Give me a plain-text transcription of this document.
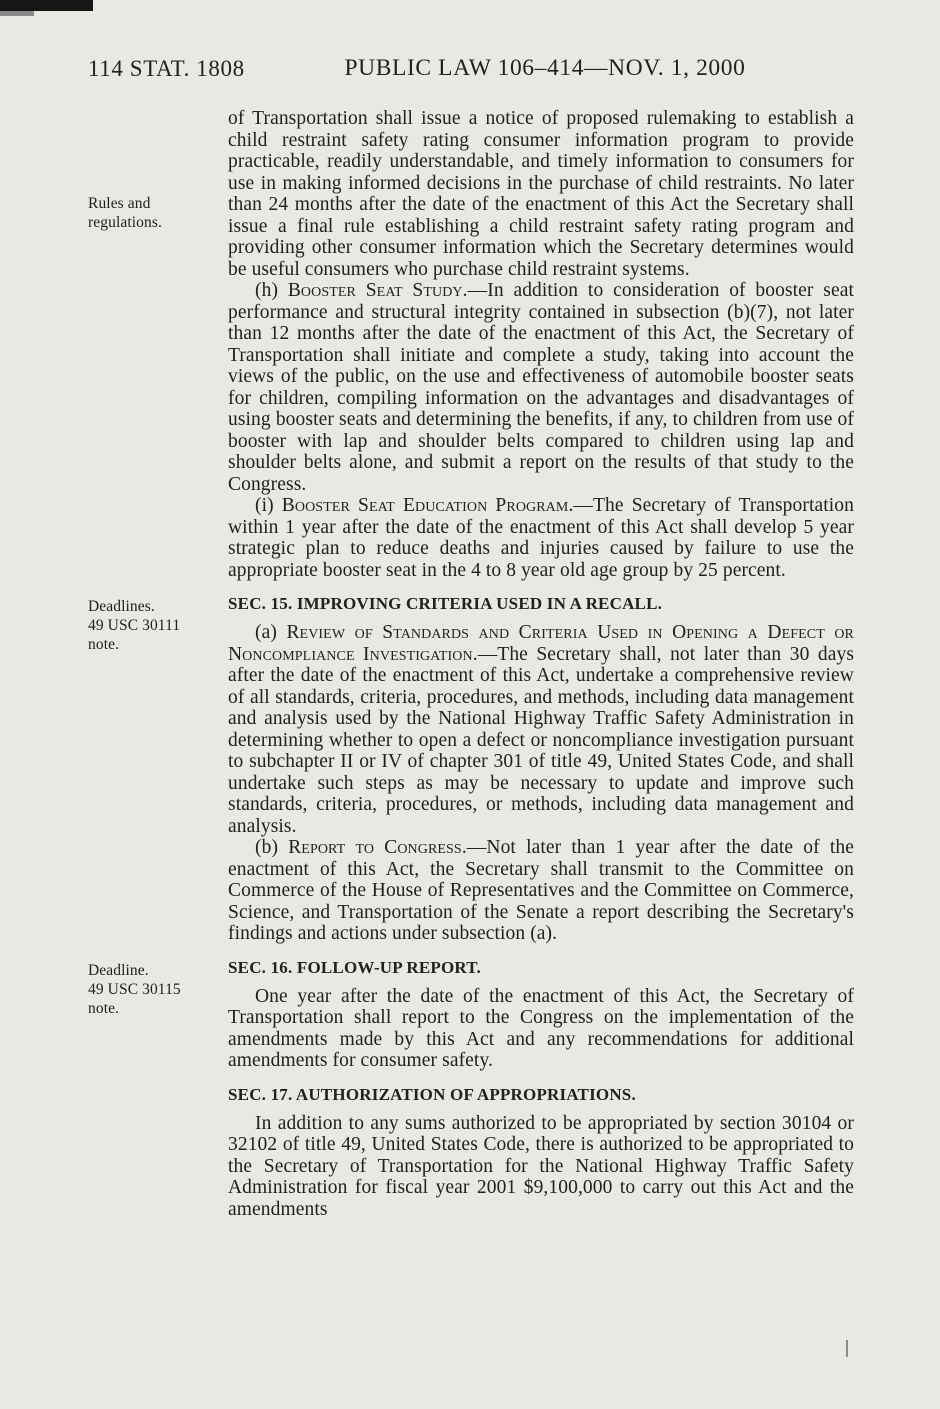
114 STAT. 1808	PUBLIC LAW 106–414—NOV. 1, 2000
Rules and
regulations.

of Transportation shall issue a notice of proposed rulemaking to establish a child restraint safety rating consumer information program to provide practicable, readily understandable, and timely information to consumers for use in making informed decisions in the purchase of child restraints. No later than 24 months after the date of the enactment of this Act the Secretary shall issue a final rule establishing a child restraint safety rating program and providing other consumer information which the Secretary determines would be useful consumers who purchase child restraint systems.

(h) Booster Seat Study.—In addition to consideration of booster seat performance and structural integrity contained in subsection (b)(7), not later than 12 months after the date of the enactment of this Act, the Secretary of Transportation shall initiate and complete a study, taking into account the views of the public, on the use and effectiveness of automobile booster seats for children, compiling information on the advantages and disadvantages of using booster seats and determining the benefits, if any, to children from use of booster with lap and shoulder belts compared to children using lap and shoulder belts alone, and submit a report on the results of that study to the Congress.

(i) Booster Seat Education Program.—The Secretary of Transportation within 1 year after the date of the enactment of this Act shall develop 5 year strategic plan to reduce deaths and injuries caused by failure to use the appropriate booster seat in the 4 to 8 year old age group by 25 percent.

Deadlines.
49 USC 30111
note.
SEC. 15. IMPROVING CRITERIA USED IN A RECALL.

(a) Review of Standards and Criteria Used in Opening a Defect or Noncompliance Investigation.—The Secretary shall, not later than 30 days after the date of the enactment of this Act, undertake a comprehensive review of all standards, criteria, procedures, and methods, including data management and analysis used by the National Highway Traffic Safety Administration in determining whether to open a defect or noncompliance investigation pursuant to subchapter II or IV of chapter 301 of title 49, United States Code, and shall undertake such steps as may be necessary to update and improve such standards, criteria, procedures, or methods, including data management and analysis.

(b) Report to Congress.—Not later than 1 year after the date of the enactment of this Act, the Secretary shall transmit to the Committee on Commerce of the House of Representatives and the Committee on Commerce, Science, and Transportation of the Senate a report describing the Secretary's findings and actions under subsection (a).

Deadline.
49 USC 30115
note.
SEC. 16. FOLLOW-UP REPORT.

One year after the date of the enactment of this Act, the Secretary of Transportation shall report to the Congress on the implementation of the amendments made by this Act and any recommendations for additional amendments for consumer safety.

SEC. 17. AUTHORIZATION OF APPROPRIATIONS.

In addition to any sums authorized to be appropriated by section 30104 or 32102 of title 49, United States Code, there is authorized to be appropriated to the Secretary of Transportation for the National Highway Traffic Safety Administration for fiscal year 2001 $9,100,000 to carry out this Act and the amendments
